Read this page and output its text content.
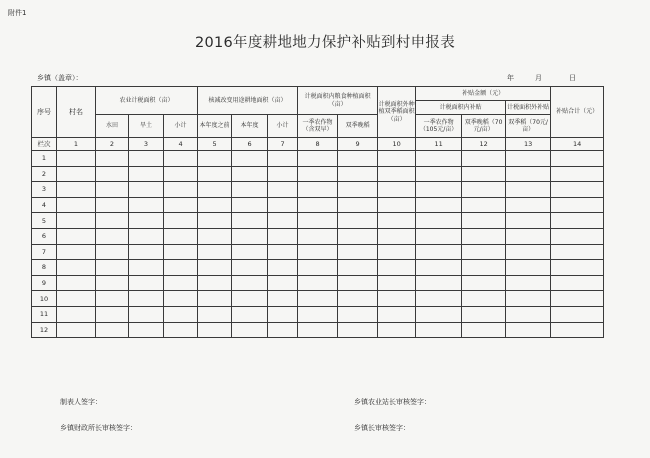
附件1
2016年度耕地地力保护补贴到村申报表
乡镇（盖章）：	年	月	日
序号	村名	农业计税面积（亩）			核减改变用途耕地面积（亩）			计税面积内粮食种植面积（亩）		计税面积外种植双季稻面积（亩）	补贴金额（元）			补贴合计（元）
											计税面积内补贴		计税面积外补贴	
		水田	旱土	小计	本年度之前	本年度	小计	一季农作物（含双早）	双季晚稻		一季农作物（105元/亩）	双季晚稻（70元/亩）	双季稻（70元/亩）	
栏次	1	2	3	4	5	6	7	8	9	10	11	12	13	14
1														
2														
3														
4														
5														
6														
7														
8														
9														
10														
11														
12														
制表人签字：	乡镇农业站长审核签字：
乡镇财政所长审核签字：	乡镇长审核签字：
